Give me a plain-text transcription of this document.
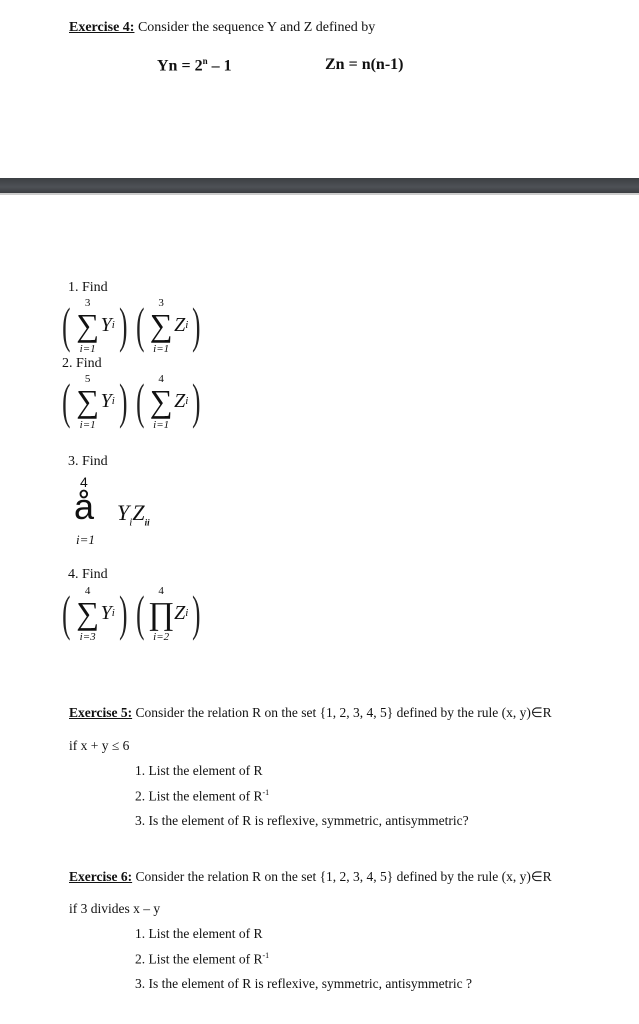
Exercise 4: Consider the sequence Y and Z defined by
$Yn = 2^n - 1$	Zn = n(n-1)
1. Find
(	3
∑
i=1
Y i ) (	3
∑
i=1
Z i )
2. Find
(	5
∑
i=1
Y i ) (	4
∑
i=1
Z i )
3. Find
4
å $Y_iZ_{ii}$
i=1
4. Find
(	4
∑
i=3
Y i ) (	4
∏
i=2
Z i )
Exercise 5: Consider the relation R on the set {1, 2, 3, 4, 5} defined by the rule (x, y)∈R
if x + y ≤ 6
1. List the element of R
2. List the element of $R^{-1}$
3. Is the element of R is reflexive, symmetric, antisymmetric?
Exercise 6: Consider the relation R on the set {1, 2, 3, 4, 5} defined by the rule (x, y)∈R
if 3 divides x – y
1. List the element of R
2. List the element of $R^{-1}$
3. Is the element of R is reflexive, symmetric, antisymmetric ?
